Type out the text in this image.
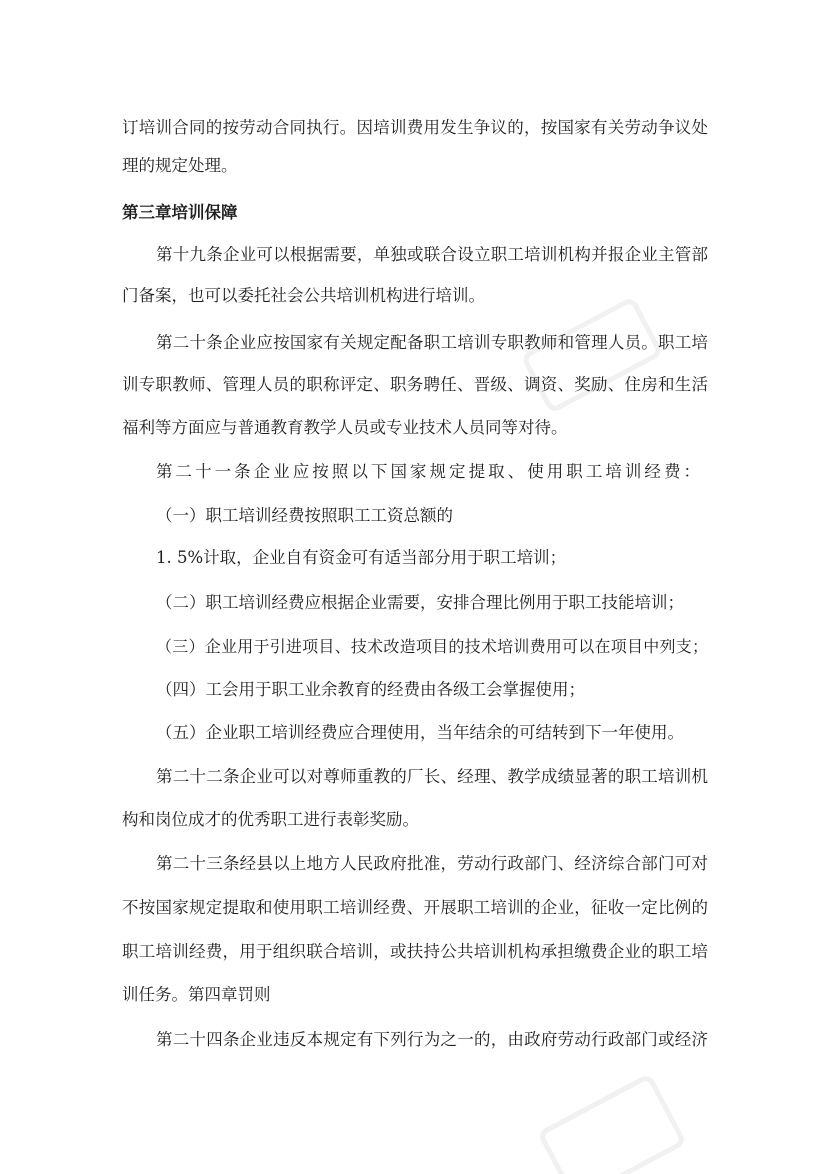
订培训合同的按劳动合同执行。因培训费用发生争议的，按国家有关劳动争议处
理的规定处理。
第三章培训保障
第十九条企业可以根据需要，单独或联合设立职工培训机构并报企业主管部
门备案，也可以委托社会公共培训机构进行培训。
第二十条企业应按国家有关规定配备职工培训专职教师和管理人员。职工培
训专职教师、管理人员的职称评定、职务聘任、晋级、调资、奖励、住房和生活
福利等方面应与普通教育教学人员或专业技术人员同等对待。
第二十一条企业应按照以下国家规定提取、使用职工培训经费：
（一）职工培训经费按照职工工资总额的
1. 5%计取，企业自有资金可有适当部分用于职工培训；
（二）职工培训经费应根据企业需要，安排合理比例用于职工技能培训；
（三）企业用于引进项目、技术改造项目的技术培训费用可以在项目中列支；
（四）工会用于职工业余教育的经费由各级工会掌握使用；
（五）企业职工培训经费应合理使用，当年结余的可结转到下一年使用。
第二十二条企业可以对尊师重教的厂长、经理、教学成绩显著的职工培训机
构和岗位成才的优秀职工进行表彰奖励。
第二十三条经县以上地方人民政府批准，劳动行政部门、经济综合部门可对
不按国家规定提取和使用职工培训经费、开展职工培训的企业，征收一定比例的
职工培训经费，用于组织联合培训，或扶持公共培训机构承担缴费企业的职工培
训任务。第四章罚则
第二十四条企业违反本规定有下列行为之一的，由政府劳动行政部门或经济
